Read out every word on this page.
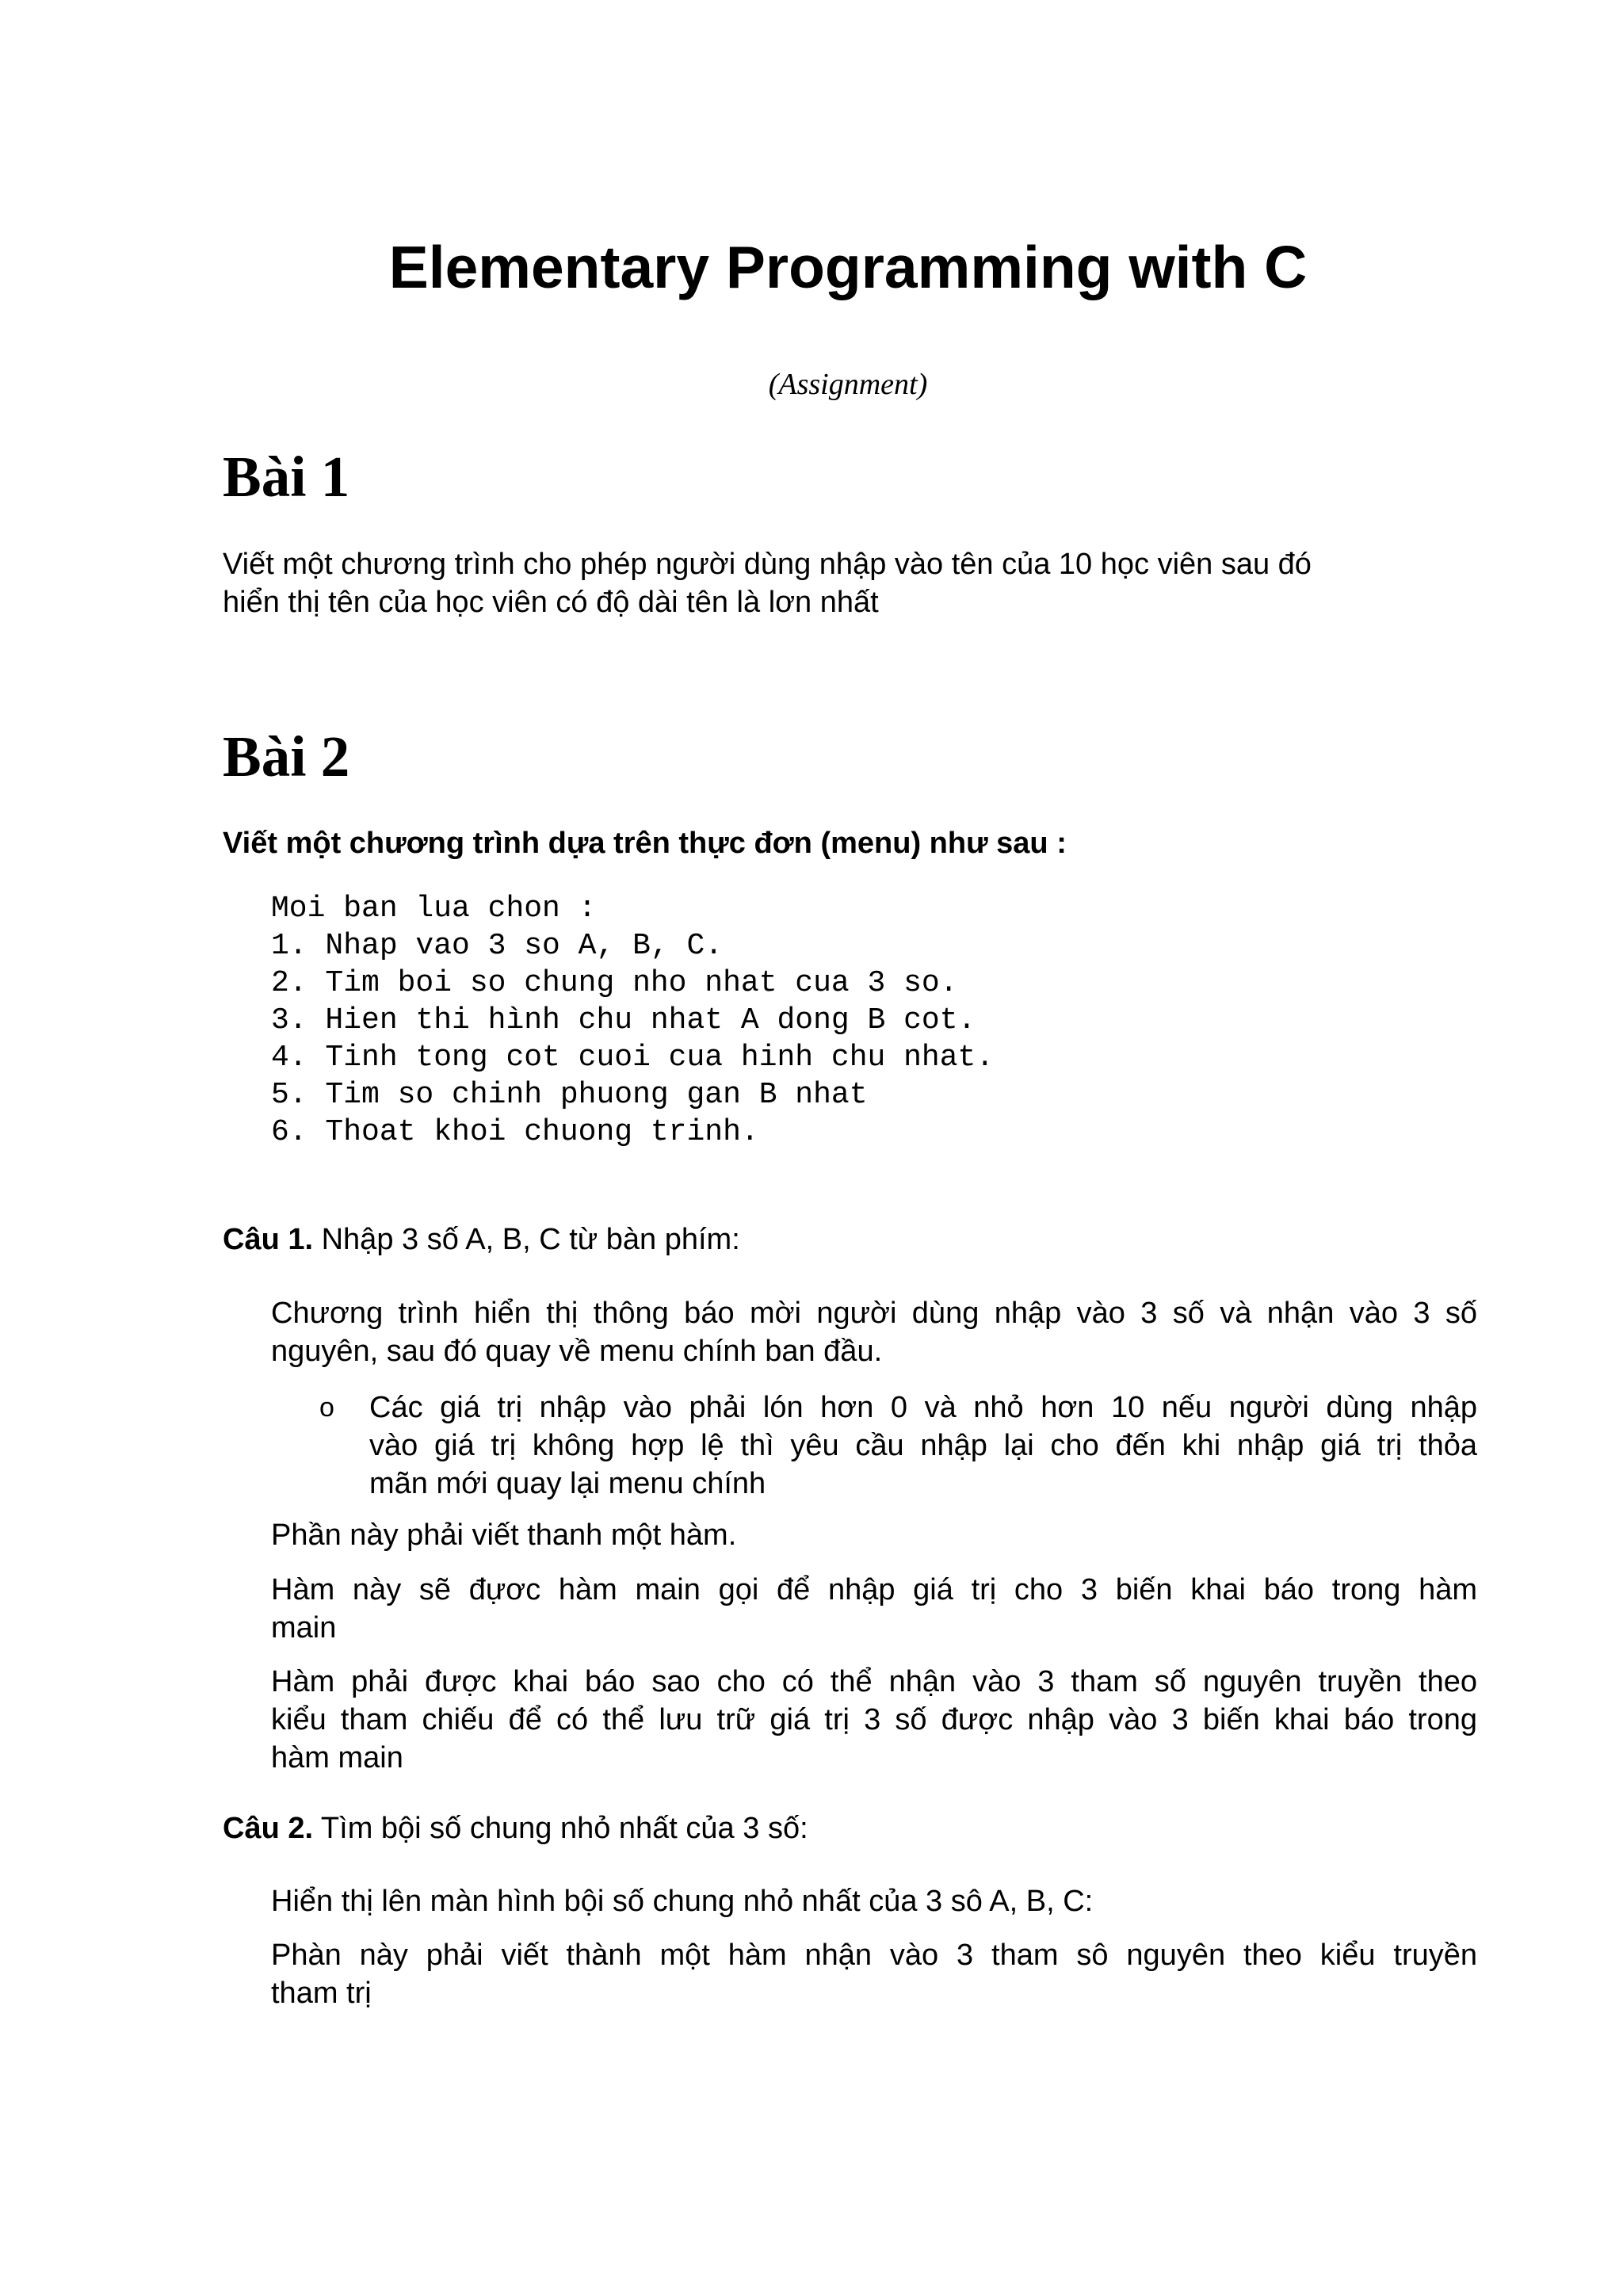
Elementary Programming with C
(Assignment)
Bài 1
Viết một chương trình cho phép người dùng nhập vào tên của 10 học viên sau đó
hiển thị tên của học viên có độ dài tên là lơn nhất
Bài 2
Viết một chương trình dựa trên thực đơn (menu) như sau :
Moi ban lua chon :
1. Nhap vao 3 so A, B, C.
2. Tim boi so chung nho nhat cua 3 so.
3. Hien thi hình chu nhat A dong B cot.
4. Tinh tong cot cuoi cua hinh chu nhat.
5. Tim so chinh phuong gan B nhat
6. Thoat khoi chuong trinh.
Câu 1. Nhập 3 số A, B, C từ bàn phím:
Chương trình hiển thị thông báo mời người dùng nhập vào 3 số và nhận vào 3 số
nguyên, sau đó quay về menu chính ban đầu.
o Các giá trị nhập vào phải lón hơn 0 và nhỏ hơn 10 nếu người dùng nhập
vào giá trị không hợp lệ thì yêu cầu nhập lại cho đến khi nhập giá trị thỏa
mãn mới quay lại menu chính
Phần này phải viết thanh một hàm.
Hàm này sẽ đựơc hàm main gọi để nhập giá trị cho 3 biến khai báo trong hàm
main
Hàm phải được khai báo sao cho có thể nhận vào 3 tham số nguyên truyền theo
kiểu tham chiếu để có thể lưu trữ giá trị 3 số được nhập vào 3 biến khai báo trong
hàm main
Câu 2. Tìm bội số chung nhỏ nhất của 3 số:
Hiển thị lên màn hình bội số chung nhỏ nhất của 3 sô A, B, C:
Phàn này phải viết thành một hàm nhận vào 3 tham sô nguyên theo kiểu truyền
tham trị
